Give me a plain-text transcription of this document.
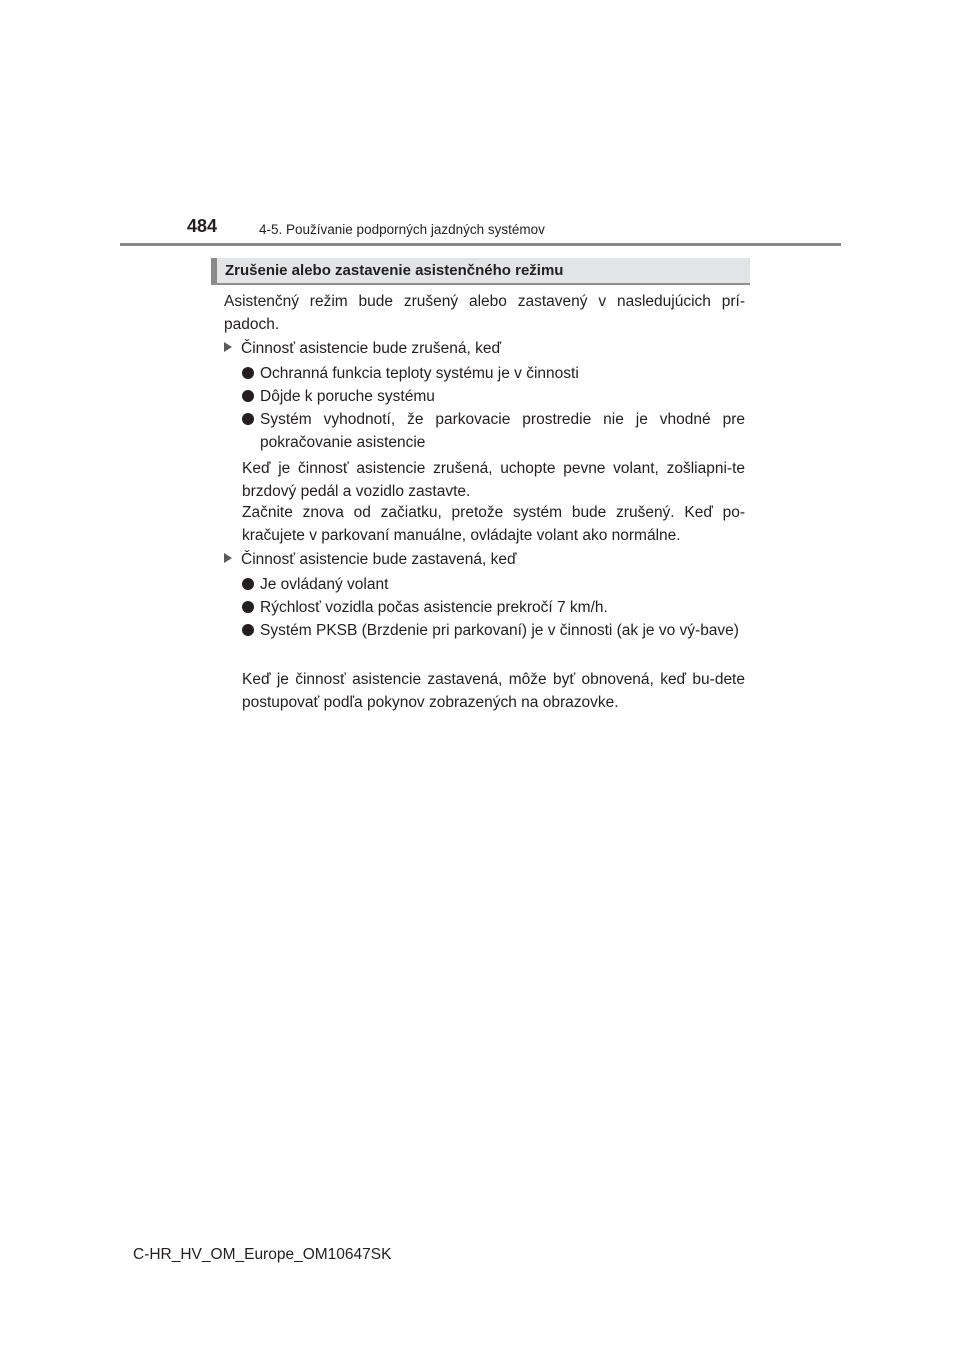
484	4-5. Používanie podporných jazdných systémov
Zrušenie alebo zastavenie asistenčného režimu
Asistenčný režim bude zrušený alebo zastavený v nasledujúcich prí-padoch.
Činnosť asistencie bude zrušená, keď
Ochranná funkcia teploty systému je v činnosti
Dôjde k poruche systému
Systém vyhodnotí, že parkovacie prostredie nie je vhodné pre pokračovanie asistencie
Keď je činnosť asistencie zrušená, uchopte pevne volant, zošliapni-te brzdový pedál a vozidlo zastavte.
Začnite znova od začiatku, pretože systém bude zrušený. Keď po-kračujete v parkovaní manuálne, ovládajte volant ako normálne.
Činnosť asistencie bude zastavená, keď
Je ovládaný volant
Rýchlosť vozidla počas asistencie prekročí 7 km/h.
Systém PKSB (Brzdenie pri parkovaní) je v činnosti (ak je vo vý-bave)
Keď je činnosť asistencie zastavená, môže byť obnovená, keď bu-dete postupovať podľa pokynov zobrazených na obrazovke.
C-HR_HV_OM_Europe_OM10647SK
